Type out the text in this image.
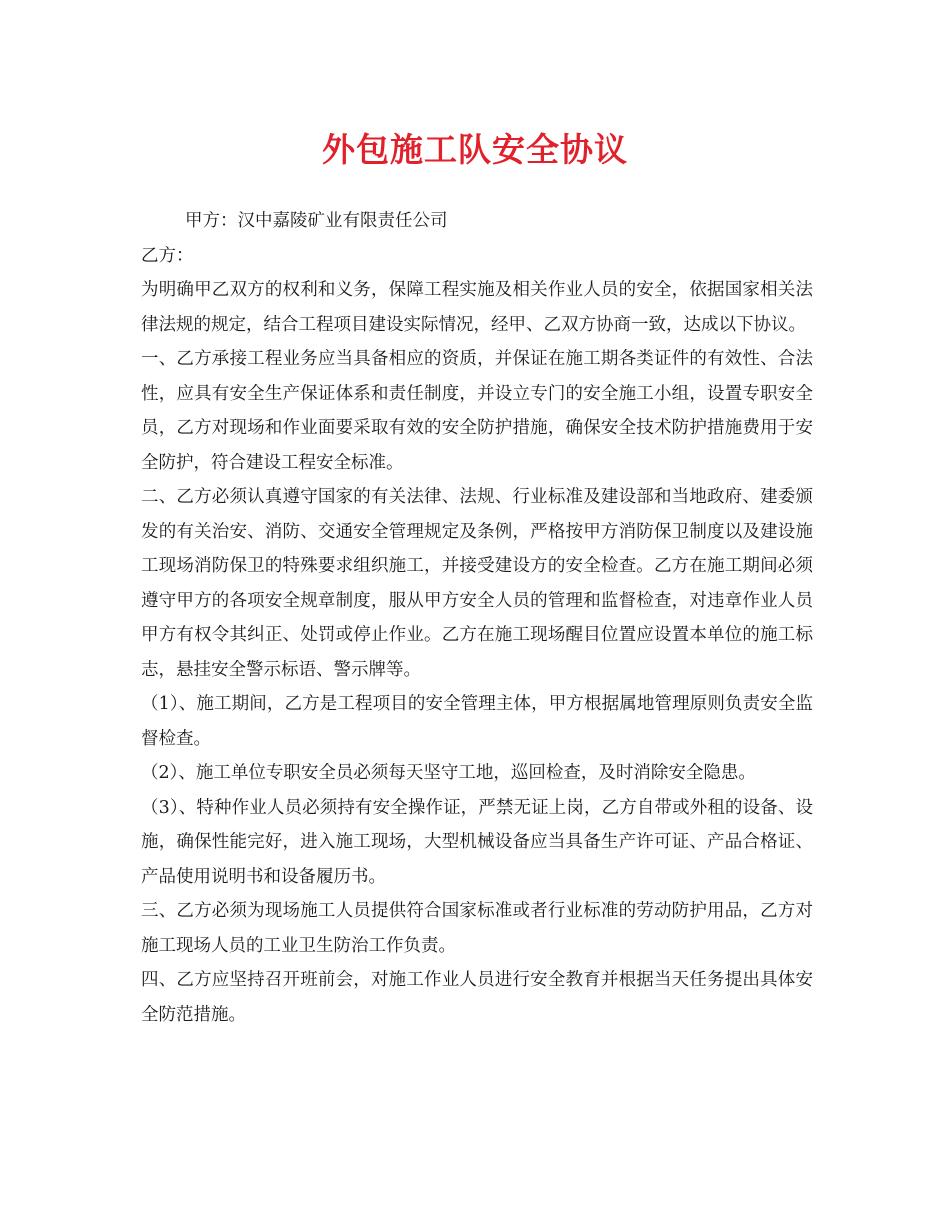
外包施工队安全协议

甲方：汉中嘉陵矿业有限责任公司

乙方：

为明确甲乙双方的权利和义务，保障工程实施及相关作业人员的安全，依据国家相关法律法规的规定，结合工程项目建设实际情况，经甲、乙双方协商一致，达成以下协议。

一、乙方承接工程业务应当具备相应的资质，并保证在施工期各类证件的有效性、合法性，应具有安全生产保证体系和责任制度，并设立专门的安全施工小组，设置专职安全员，乙方对现场和作业面要采取有效的安全防护措施，确保安全技术防护措施费用于安全防护，符合建设工程安全标准。

二、乙方必须认真遵守国家的有关法律、法规、行业标准及建设部和当地政府、建委颁发的有关治安、消防、交通安全管理规定及条例，严格按甲方消防保卫制度以及建设施工现场消防保卫的特殊要求组织施工，并接受建设方的安全检查。乙方在施工期间必须遵守甲方的各项安全规章制度，服从甲方安全人员的管理和监督检查，对违章作业人员甲方有权令其纠正、处罚或停止作业。乙方在施工现场醒目位置应设置本单位的施工标志，悬挂安全警示标语、警示牌等。

（1）、施工期间，乙方是工程项目的安全管理主体，甲方根据属地管理原则负责安全监督检查。

（2）、施工单位专职安全员必须每天坚守工地，巡回检查，及时消除安全隐患。

（3）、特种作业人员必须持有安全操作证，严禁无证上岗，乙方自带或外租的设备、设施，确保性能完好，进入施工现场，大型机械设备应当具备生产许可证、产品合格证、产品使用说明书和设备履历书。

三、乙方必须为现场施工人员提供符合国家标准或者行业标准的劳动防护用品，乙方对施工现场人员的工业卫生防治工作负责。

四、乙方应坚持召开班前会，对施工作业人员进行安全教育并根据当天任务提出具体安全防范措施。
